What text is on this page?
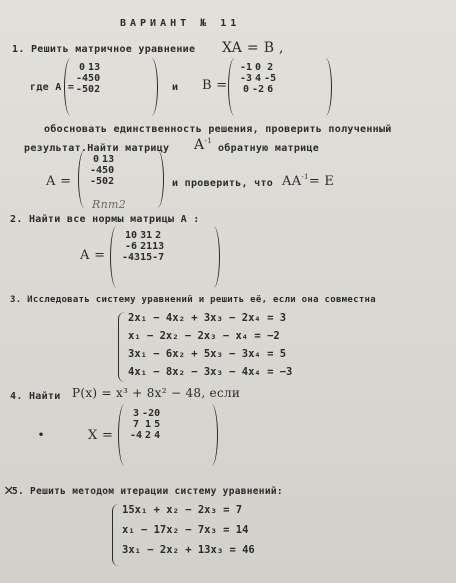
ВАРИАНТ № 11
1. Решить матричное уравнение XA = B ,
где A =
0	1	3
-4	5	0
-5	0	2	и B =
-1	0	2
-3	4	-5
0	-2	6
обосновать единственность решения, проверить полученный
результат.Найти матрицу $A^{-1}$
обратную матрице
A =
0	1	3
-4	5	0
-5	0	2	и проверить, что $AA^{-1}= E$
Rпт2
2. Найти все нормы матрицы A :
A =
10	31	2
-6	21	13
-43	15	-7
3. Исследовать систему уравнений и решить её, если она совместна
2x₁ − 4x₂ + 3x₃ − 2x₄ = 3
x₁ − 2x₂ − 2x₃ − x₄ = −2
3x₁ − 6x₂ + 5x₃ − 3x₄ = 5
4x₁ − 8x₂ − 3x₃ − 4x₄ = −3
4. Найти P(x) = x³ + 8x² − 48, если
•	X =
3	-2	0
7	1	5
-4	2	4
✕
5. Решить методом итерации систему уравнений:
15x₁ + x₂ − 2x₃ = 7
x₁ − 17x₂ − 7x₃ = 14
3x₁ − 2x₂ + 13x₃ = 46
